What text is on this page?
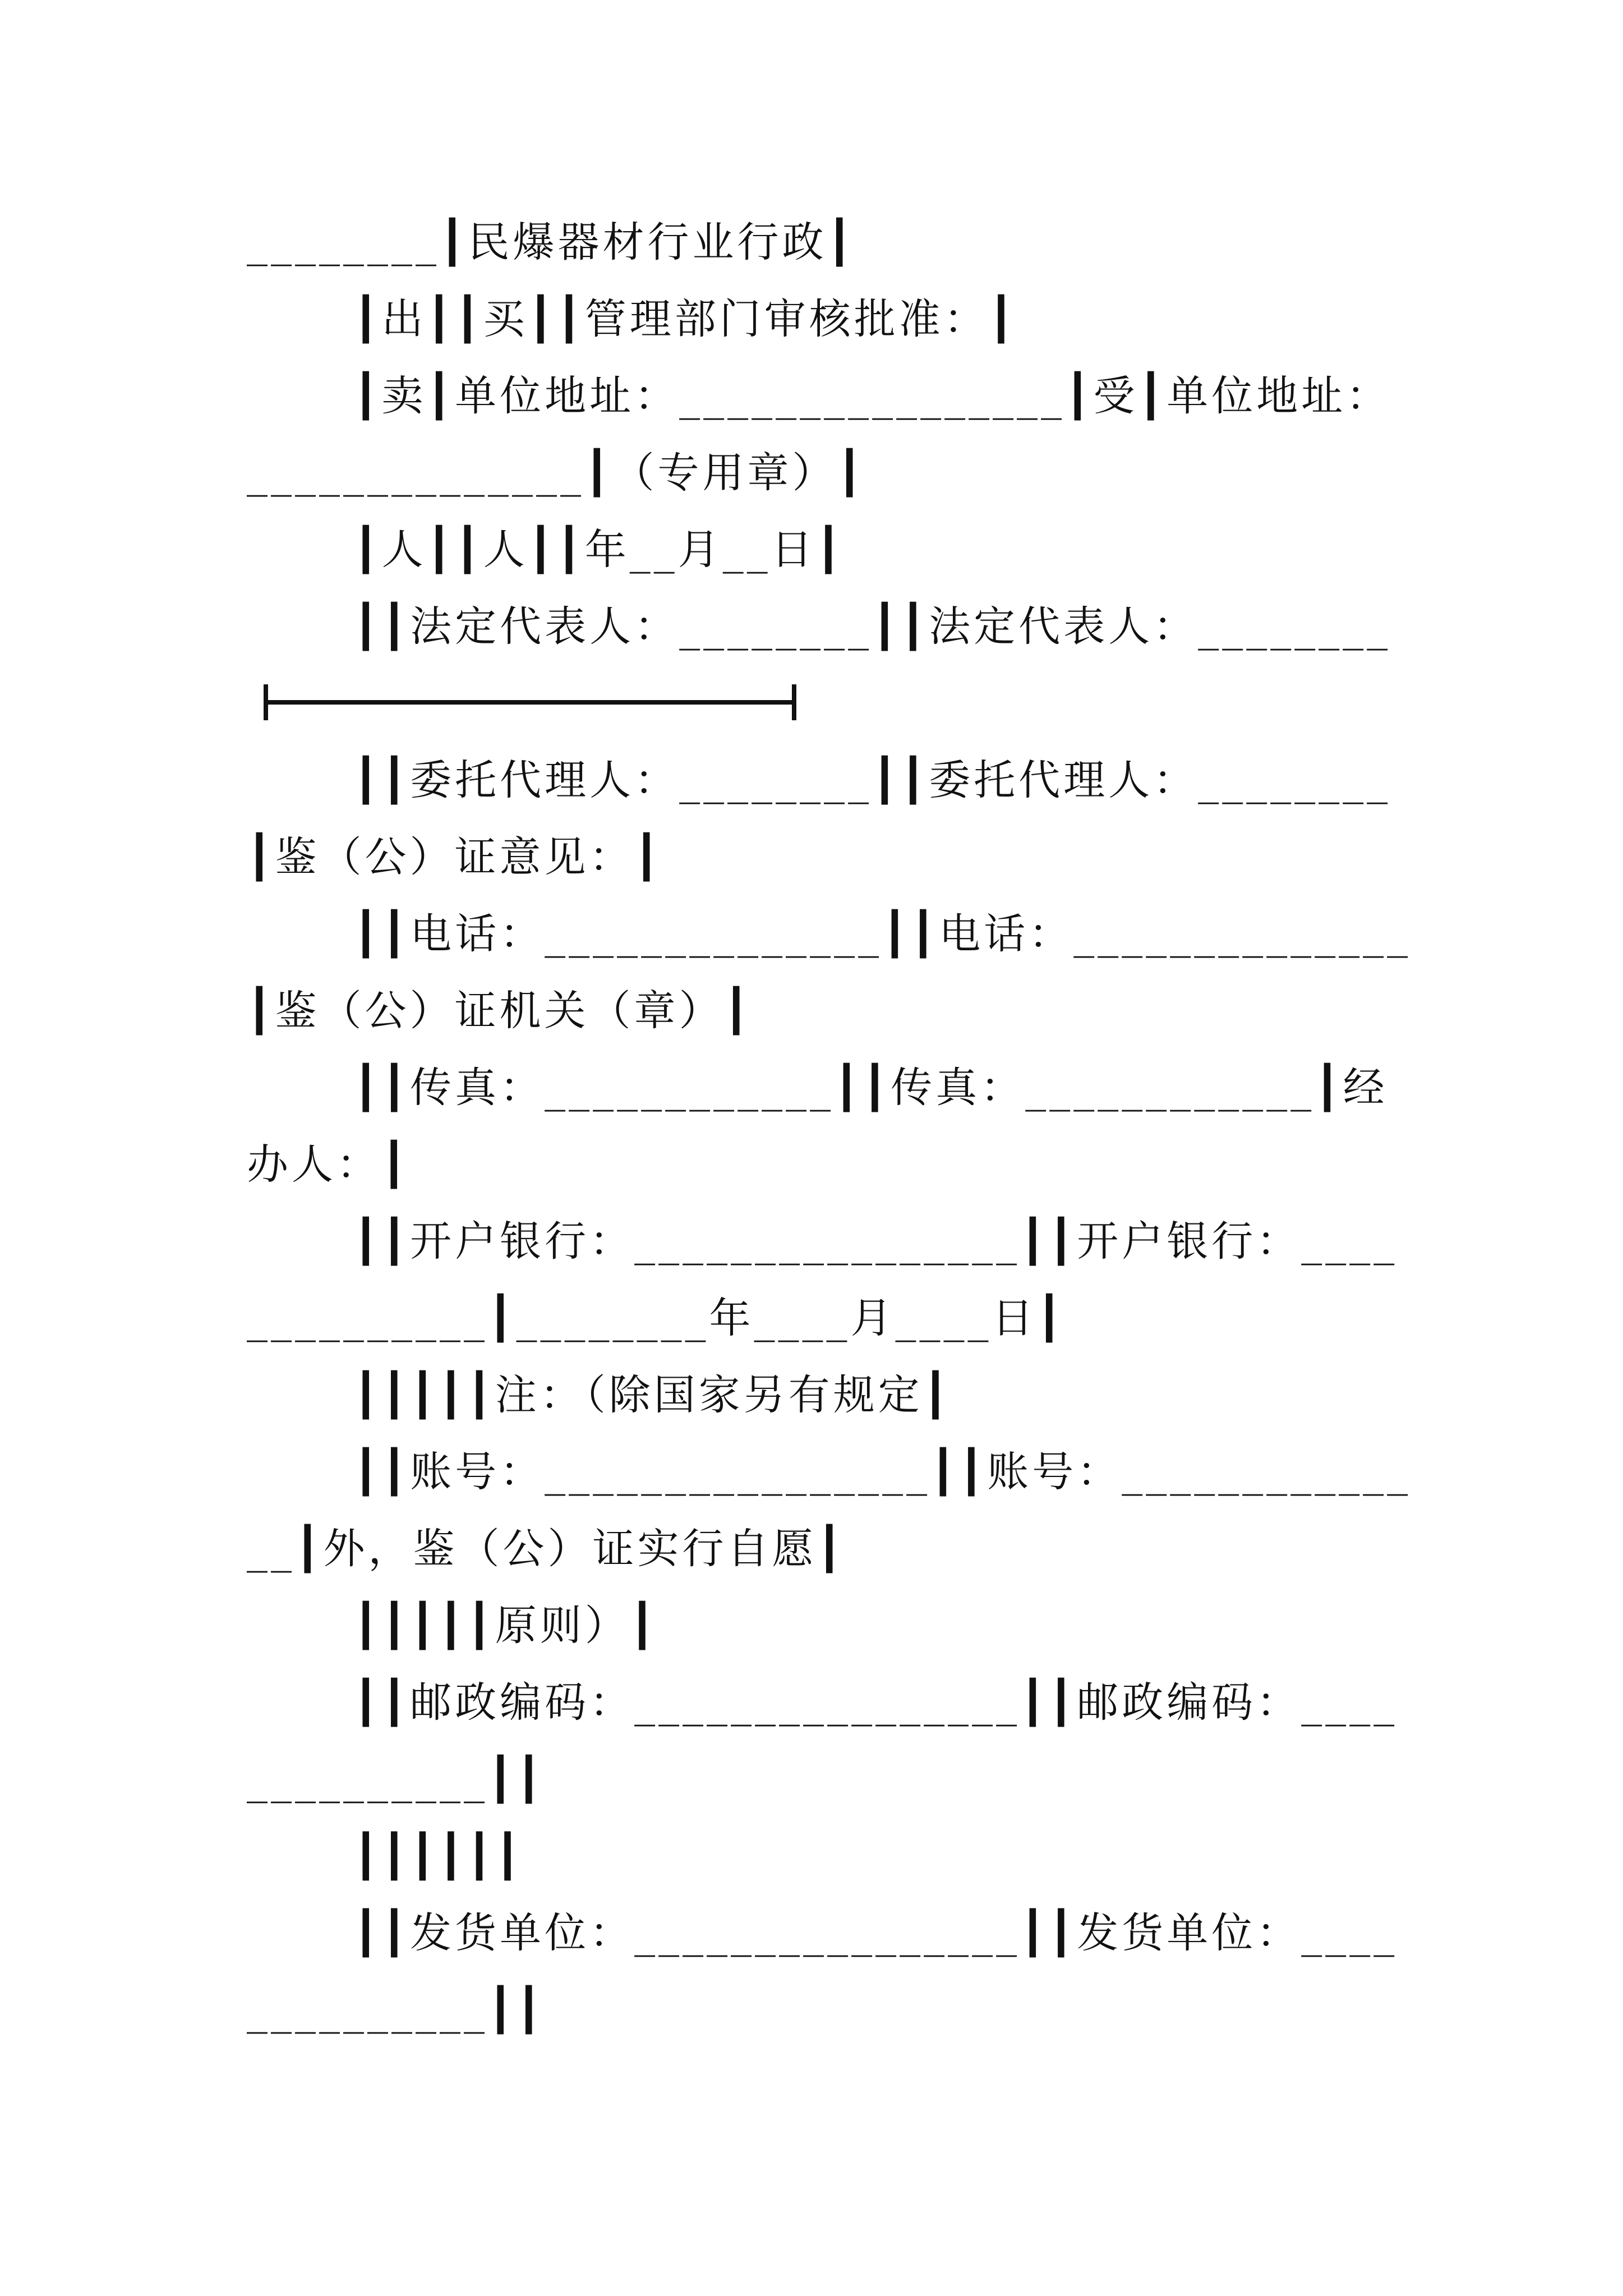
________┃民爆器材行业行政┃
┃出┃┃买┃┃管理部门审核批准：┃
┃卖┃单位地址：________________┃受┃单位地址：
______________┃（专用章）┃
┃人┃┃人┃┃年__月__日┃
┃┃法定代表人：________┃┃法定代表人：________
┃┃委托代理人：________┃┃委托代理人：________
┃鉴（公）证意见：┃
┃┃电话：______________┃┃电话：______________
┃鉴（公）证机关（章）┃
┃┃传真：____________┃┃传真：____________┃经
办人：┃
┃┃开户银行：________________┃┃开户银行：____
__________┃________年____月____日┃
┃┃┃┃┃注：（除国家另有规定┃
┃┃账号：________________┃┃账号：____________
__┃外，鉴（公）证实行自愿┃
┃┃┃┃┃原则）┃
┃┃邮政编码：________________┃┃邮政编码：____
__________┃┃
┃┃┃┃┃┃
┃┃发货单位：________________┃┃发货单位：____
__________┃┃
